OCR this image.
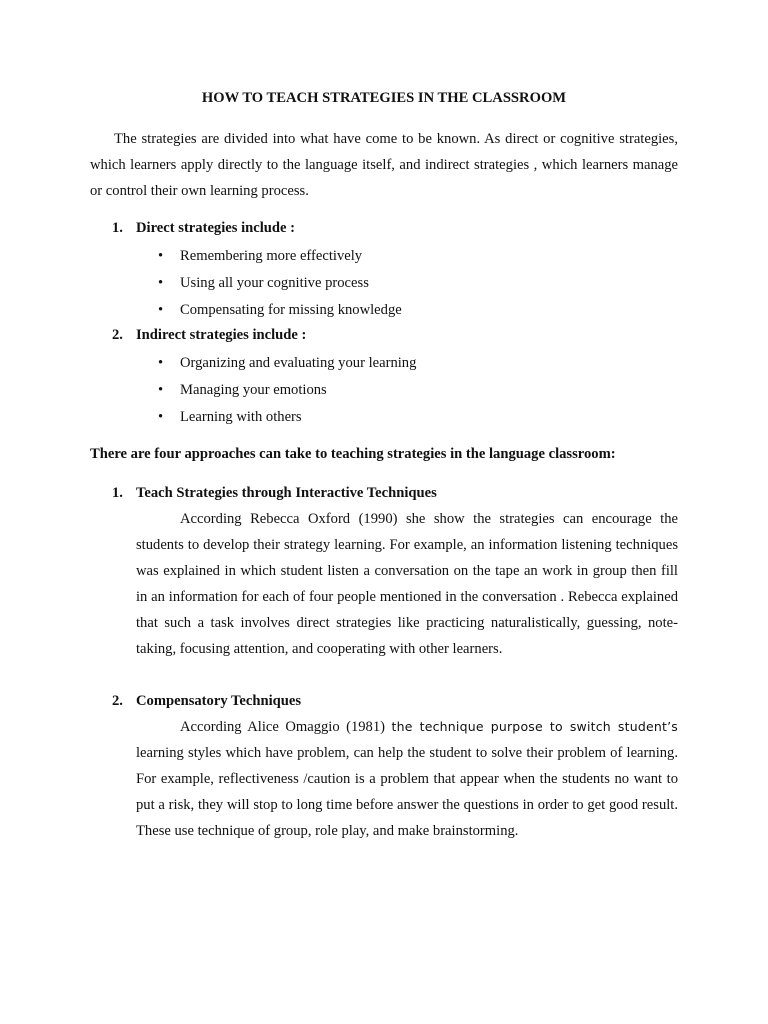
HOW TO TEACH STRATEGIES IN THE CLASSROOM

The strategies are divided into what have come to be known. As direct or cognitive strategies, which learners apply directly to the language itself, and indirect strategies , which learners manage or control their own learning process.

1. Direct strategies include :
• Remembering more effectively
• Using all your cognitive process
• Compensating for missing knowledge
2. Indirect strategies include :
• Organizing and evaluating your learning
• Managing your emotions
• Learning with others
There are four approaches can take to teaching strategies in the language classroom:
1. Teach Strategies through Interactive Techniques

According Rebecca Oxford (1990) she show the strategies can encourage the students to develop their strategy learning. For example, an information listening techniques was explained in which student listen a conversation on the tape an work in group then fill in an information for each of four people mentioned in the conversation . Rebecca explained that such a task involves direct strategies like practicing naturalistically, guessing, note- taking, focusing attention, and cooperating with other learners.

2. Compensatory Techniques

According Alice Omaggio (1981) the technique purpose to switch student’s learning styles which have problem, can help the student to solve their problem of learning. For example, reflectiveness /caution is a problem that appear when the students no want to put a risk, they will stop to long time before answer the questions in order to get good result. These use technique of group, role play, and make brainstorming.
